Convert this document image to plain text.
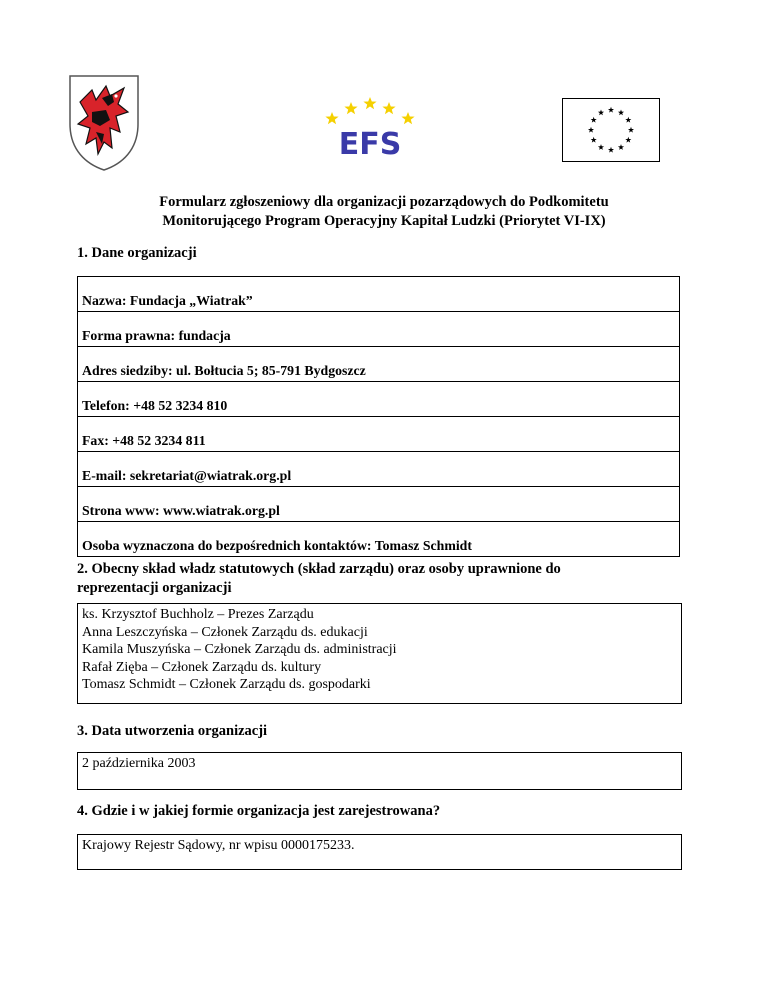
EFS
Formularz zgłoszeniowy dla organizacji pozarządowych do Podkomitetu
Monitorującego Program Operacyjny Kapitał Ludzki (Priorytet VI-IX)
1. Dane organizacji
Nazwa: Fundacja „Wiatrak”
Forma prawna: fundacja
Adres siedziby: ul. Bołtucia 5; 85-791 Bydgoszcz
Telefon: +48 52 3234 810
Fax: +48 52 3234 811
E-mail: sekretariat@wiatrak.org.pl
Strona www: www.wiatrak.org.pl
Osoba wyznaczona do bezpośrednich kontaktów: Tomasz Schmidt
2. Obecny skład władz statutowych (skład zarządu) oraz osoby uprawnione do
reprezentacji organizacji
ks. Krzysztof Buchholz – Prezes Zarządu
Anna Leszczyńska – Członek Zarządu ds. edukacji
Kamila Muszyńska – Członek Zarządu ds. administracji
Rafał Zięba – Członek Zarządu ds. kultury
Tomasz Schmidt – Członek Zarządu ds. gospodarki
3. Data utworzenia organizacji
2 października 2003
4. Gdzie i w jakiej formie organizacja jest zarejestrowana?
Krajowy Rejestr Sądowy, nr wpisu 0000175233.
